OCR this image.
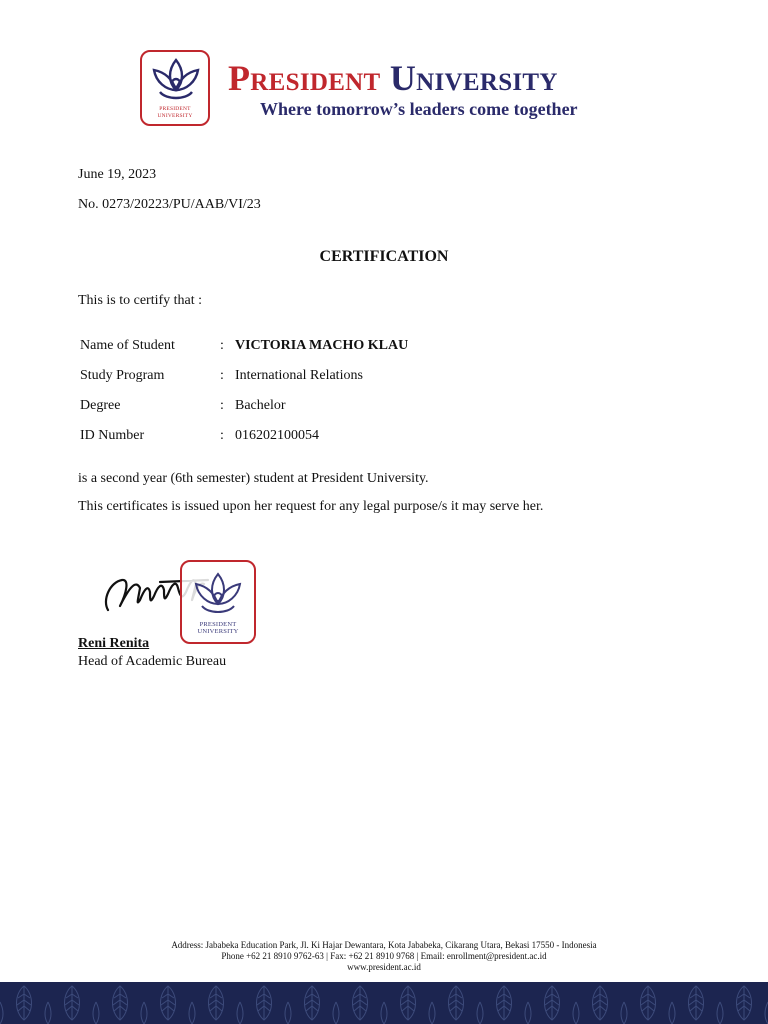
PRESIDENT
UNIVERSITY
President University
Where tomorrow’s leaders come together
June 19, 2023
No. 0273/20223/PU/AAB/VI/23
CERTIFICATION
This is to certify that :
Name of Student	:	VICTORIA MACHO KLAU
Study Program	:	International Relations
Degree	:	Bachelor
ID Number	:	016202100054
is a second year (6th semester) student at President University.
This certificates is issued upon her request for any legal purpose/s it may serve her.
PRESIDENT
UNIVERSITY
Reni Renita
Head of Academic Bureau
Address: Jababeka Education Park, Jl. Ki Hajar Dewantara, Kota Jababeka, Cikarang Utara, Bekasi 17550 - Indonesia
Phone +62 21 8910 9762-63 | Fax: +62 21 8910 9768 | Email: enrollment@president.ac.id
www.president.ac.id
